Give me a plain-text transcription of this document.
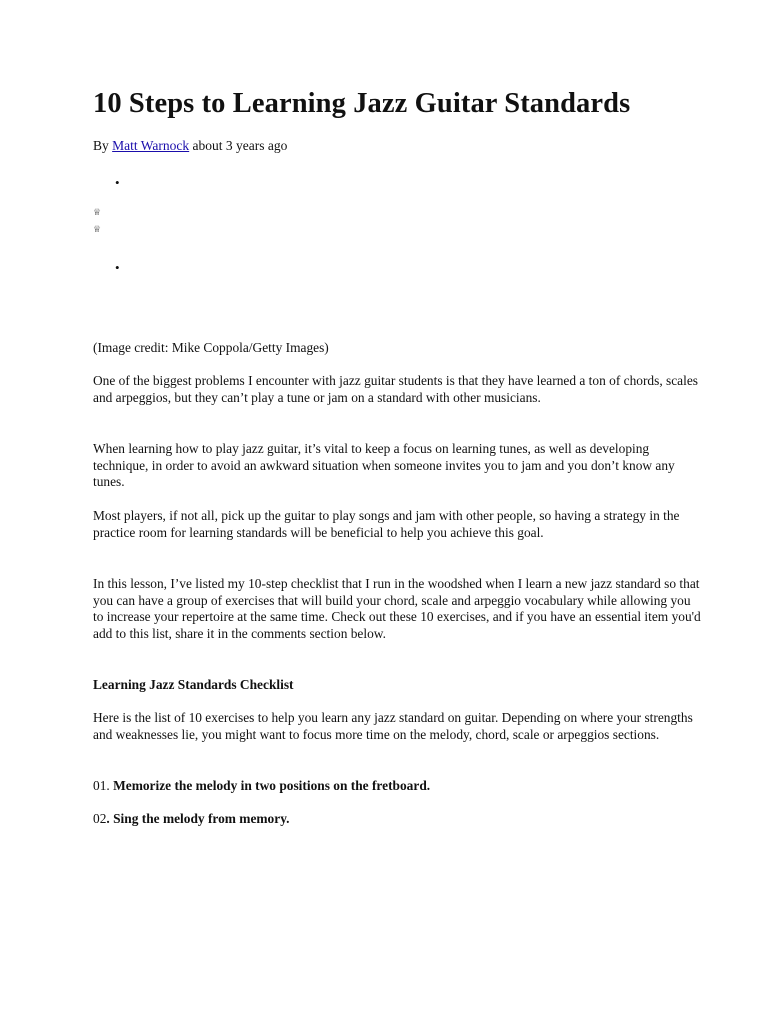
10 Steps to Learning Jazz Guitar Standards
By Matt Warnock about 3 years ago
•
♕
♕
•

(Image credit: Mike Coppola/Getty Images)

One of the biggest problems I encounter with jazz guitar students is that they have learned a ton of chords, scales and arpeggios, but they can’t play a tune or jam on a standard with other musicians.

When learning how to play jazz guitar, it’s vital to keep a focus on learning tunes, as well as developing technique, in order to avoid an awkward situation when someone invites you to jam and you don’t know any tunes.

Most players, if not all, pick up the guitar to play songs and jam with other people, so having a strategy in the practice room for learning standards will be beneficial to help you achieve this goal.

In this lesson, I’ve listed my 10-step checklist that I run in the woodshed when I learn a new jazz standard so that you can have a group of exercises that will build your chord, scale and arpeggio vocabulary while allowing you to increase your repertoire at the same time. Check out these 10 exercises, and if you have an essential item you'd add to this list, share it in the comments section below.

Learning Jazz Standards Checklist

Here is the list of 10 exercises to help you learn any jazz standard on guitar. Depending on where your strengths and weaknesses lie, you might want to focus more time on the melody, chord, scale or arpeggios sections.

01. Memorize the melody in two positions on the fretboard.

02. Sing the melody from memory.
